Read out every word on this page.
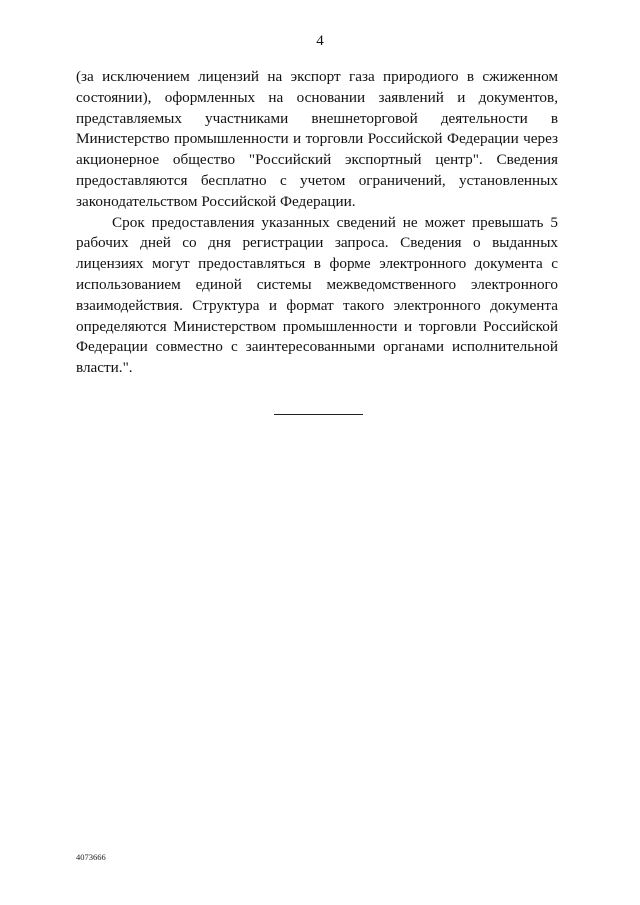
4

(за исключением лицензий на экспорт газа природиого в сжиженном состоянии), оформленных на основании заявлений и документов, представляемых участниками внешнеторговой деятельности в Министерство промышленности и торговли Российской Федерации через акционерное общество "Российский экспортный центр". Сведения предоставляются бесплатно с учетом ограничений, установленных законодательством Российской Федерации.

Срок предоставления указанных сведений не может превышать 5 рабочих дней со дня регистрации запроса. Сведения о выданных лицензиях могут предоставляться в форме электронного документа с использованием единой системы межведомственного электронного взаимодействия. Структура и формат такого электронного документа определяются Министерством промышленности и торговли Российской Федерации совместно с заинтересованными органами исполнительной власти.".

4073666
